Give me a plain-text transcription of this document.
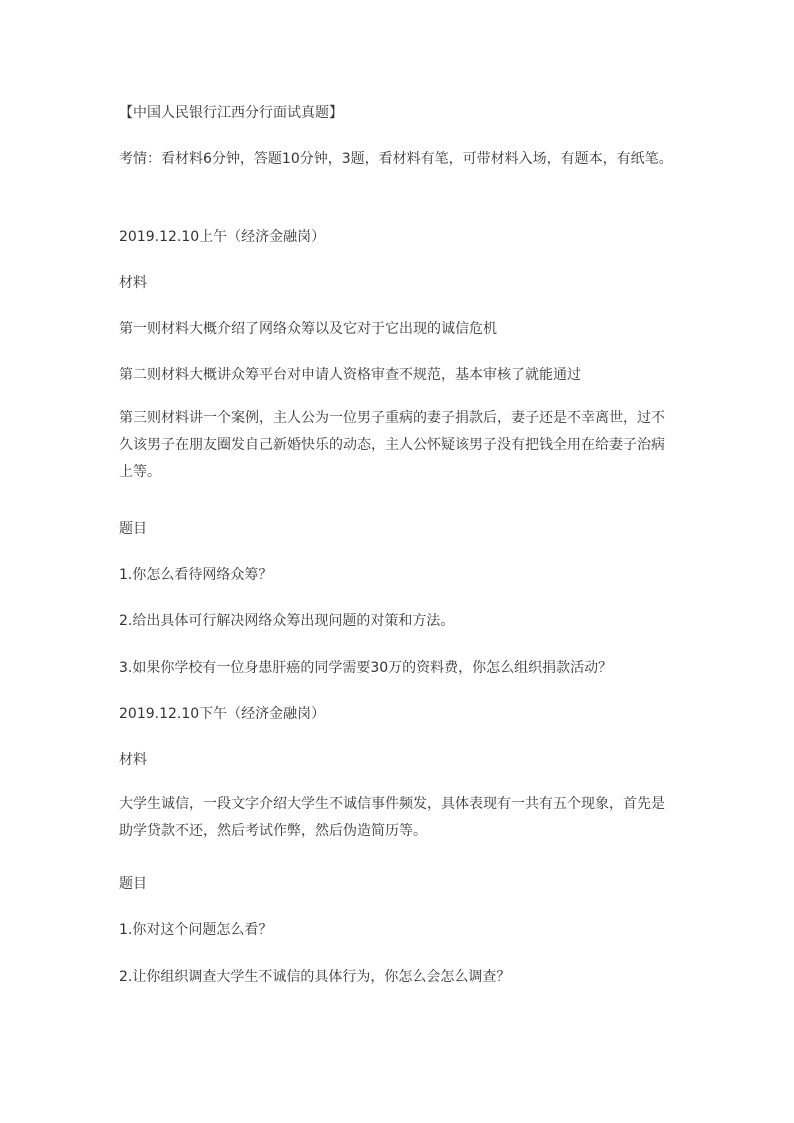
【中国人民银行江西分行面试真题】
考情：看材料6分钟，答题10分钟，3题，看材料有笔，可带材料入场，有题本，有纸笔。
2019.12.10上午（经济金融岗）
材料
第一则材料大概介绍了网络众筹以及它对于它出现的诚信危机
第二则材料大概讲众筹平台对申请人资格审查不规范，基本审核了就能通过
第三则材料讲一个案例，主人公为一位男子重病的妻子捐款后，妻子还是不幸离世，过不
久该男子在朋友圈发自己新婚快乐的动态，主人公怀疑该男子没有把钱全用在给妻子治病
上等。
题目
1.你怎么看待网络众筹？
2.给出具体可行解决网络众筹出现问题的对策和方法。
3.如果你学校有一位身患肝癌的同学需要30万的资料费，你怎么组织捐款活动？
2019.12.10下午（经济金融岗）
材料
大学生诚信，一段文字介绍大学生不诚信事件频发，具体表现有一共有五个现象，首先是
助学贷款不还，然后考试作弊，然后伪造简历等。
题目
1.你对这个问题怎么看？
2.让你组织调查大学生不诚信的具体行为，你怎么会怎么调查？
